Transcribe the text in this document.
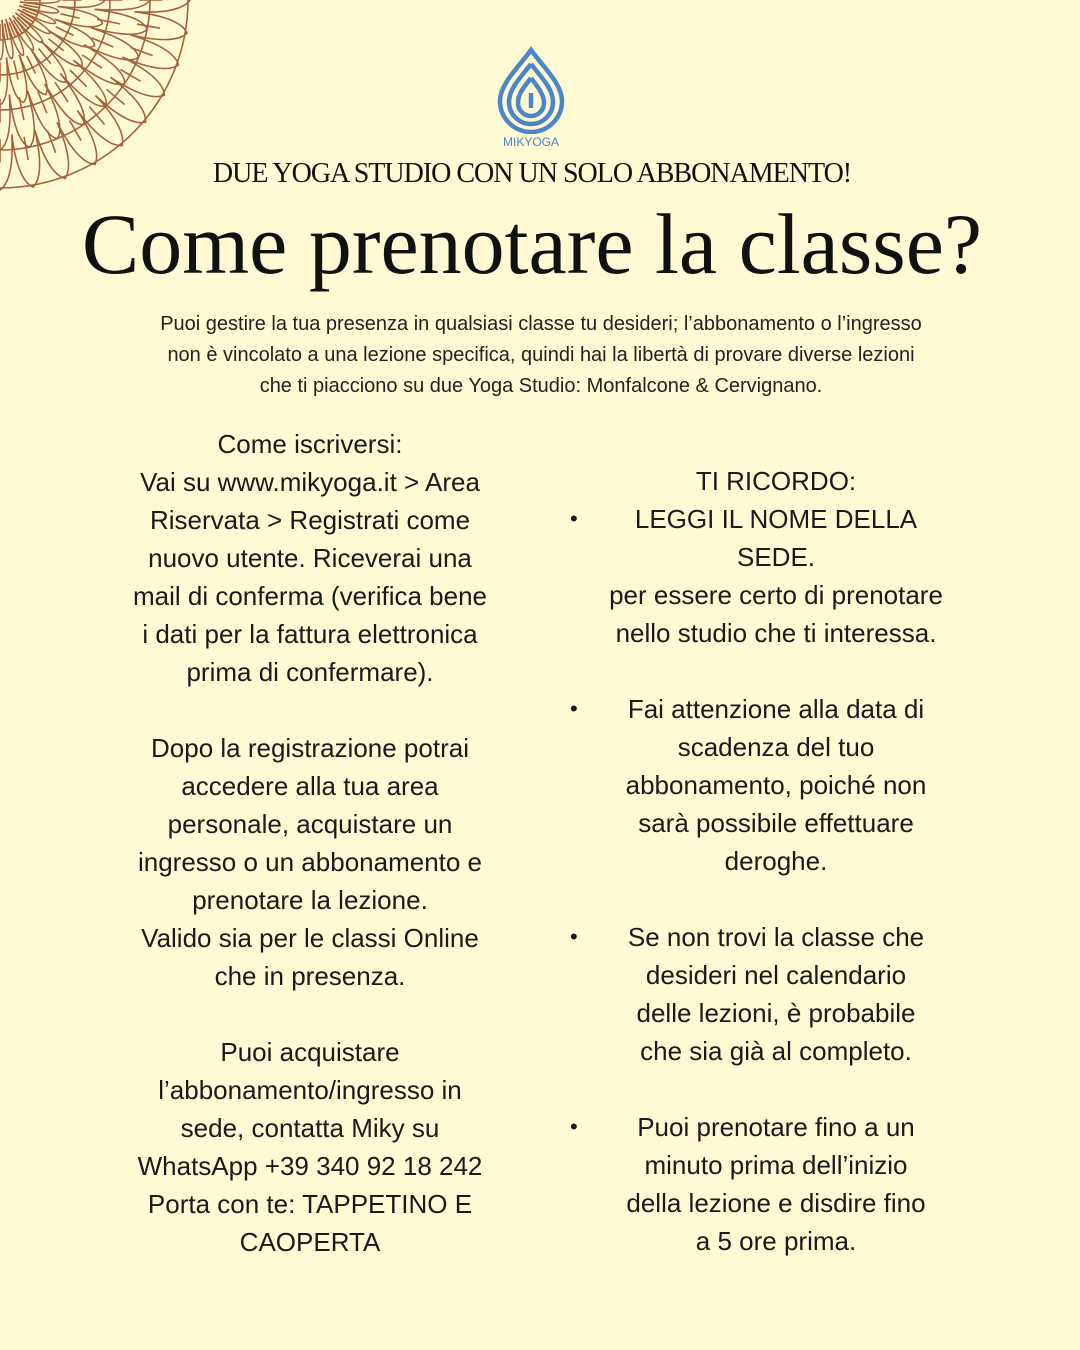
MIKYOGA
DUE YOGA STUDIO CON UN SOLO ABBONAMENTO!
Come prenotare la classe?
Puoi gestire la tua presenza in qualsiasi classe tu desideri; l’abbonamento o l’ingresso
non è vincolato a una lezione specifica, quindi hai la libertà di provare diverse lezioni
che ti piacciono su due Yoga Studio: Monfalcone & Cervignano.
Come iscriversi:
Vai su www.mikyoga.it > Area
Riservata > Registrati come
nuovo utente. Riceverai una
mail di conferma (verifica bene
i dati per la fattura elettronica
prima di confermare).
Dopo la registrazione potrai
accedere alla tua area
personale, acquistare un
ingresso o un abbonamento e
prenotare la lezione.
Valido sia per le classi Online
che in presenza.
Puoi acquistare
l’abbonamento/ingresso in
sede, contatta Miky su
WhatsApp +39 340 92 18 242
Porta con te: TAPPETINO E
CAOPERTA
TI RICORDO:
• LEGGI IL NOME DELLA
SEDE.
per essere certo di prenotare
nello studio che ti interessa.
• Fai attenzione alla data di
scadenza del tuo
abbonamento, poiché non
sarà possibile effettuare
deroghe.
• Se non trovi la classe che
desideri nel calendario
delle lezioni, è probabile
che sia già al completo.
• Puoi prenotare fino a un
minuto prima dell’inizio
della lezione e disdire fino
a 5 ore prima.
